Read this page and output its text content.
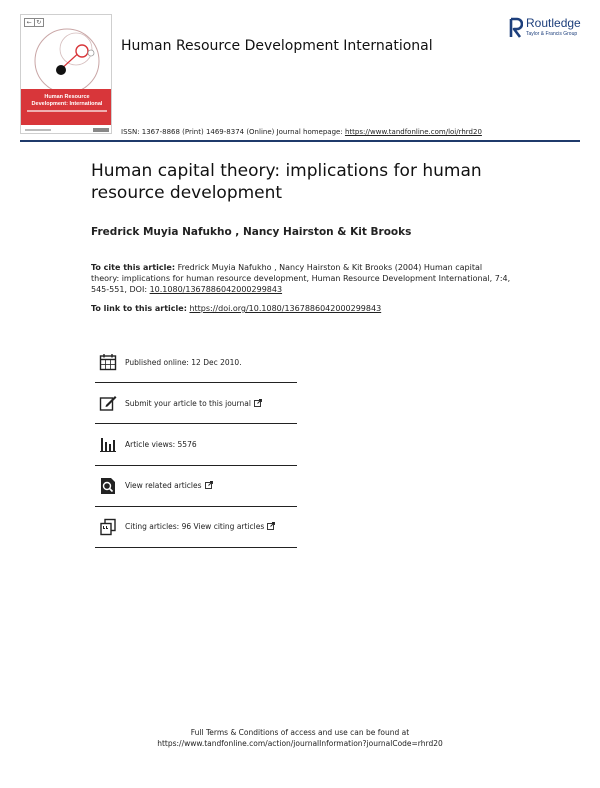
← ↻
Human Resource Development: International
Human Resource Development International
Routledge
Taylor & Francis Group
ISSN: 1367-8868 (Print) 1469-8374 (Online) Journal homepage: https://www.tandfonline.com/loi/rhrd20
Human capital theory: implications for human resource development
Fredrick Muyia Nafukho , Nancy Hairston & Kit Brooks
To cite this article: Fredrick Muyia Nafukho , Nancy Hairston & Kit Brooks (2004) Human capital theory: implications for human resource development, Human Resource Development International, 7:4, 545-551, DOI: 10.1080/1367886042000299843
To link to this article: https://doi.org/10.1080/1367886042000299843
Published online: 12 Dec 2010.
Submit your article to this journal
Article views: 5576
View related articles
Citing articles: 96 View citing articles
Full Terms & Conditions of access and use can be found at
https://www.tandfonline.com/action/journalInformation?journalCode=rhrd20
